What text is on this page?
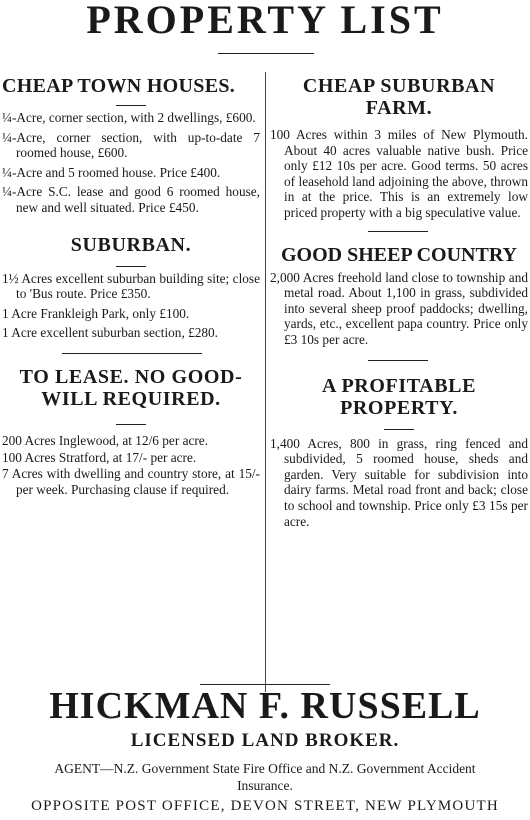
PROPERTY LIST
CHEAP TOWN HOUSES.

¼-Acre, corner section, with 2 dwellings, £600.

¼-Acre, corner section, with up-to-date 7 roomed house, £600.

¼-Acre and 5 roomed house. Price £400.

¼-Acre S.C. lease and good 6 roomed house, new and well situated. Price £450.

SUBURBAN.

1½ Acres excellent suburban building site; close to 'Bus route. Price £350.

1 Acre Frankleigh Park, only £100.

1 Acre excellent suburban section, £280.

TO LEASE. NO GOOD-WILL REQUIRED.

200 Acres Inglewood, at 12/6 per acre.

100 Acres Stratford, at 17/- per acre.

7 Acres with dwelling and country store, at 15/- per week. Purchasing clause if required.

CHEAP SUBURBAN FARM.

100 Acres within 3 miles of New Plymouth. About 40 acres valuable native bush. Price only £12 10s per acre. Good terms. 50 acres of leasehold land adjoining the above, thrown in at the price. This is an extremely low priced property with a big speculative value.

GOOD SHEEP COUNTRY

2,000 Acres freehold land close to township and metal road. About 1,100 in grass, subdivided into several sheep proof paddocks; dwelling, yards, etc., excellent papa country. Price only £3 10s per acre.

A PROFITABLE PROPERTY.

1,400 Acres, 800 in grass, ring fenced and subdivided, 5 roomed house, sheds and garden. Very suitable for subdivision into dairy farms. Metal road front and back; close to school and township. Price only £3 15s per acre.

HICKMAN F. RUSSELL
LICENSED LAND BROKER.
AGENT—N.Z. Government State Fire Office and N.Z. Government Accident Insurance.
OPPOSITE POST OFFICE, DEVON STREET, NEW PLYMOUTH
